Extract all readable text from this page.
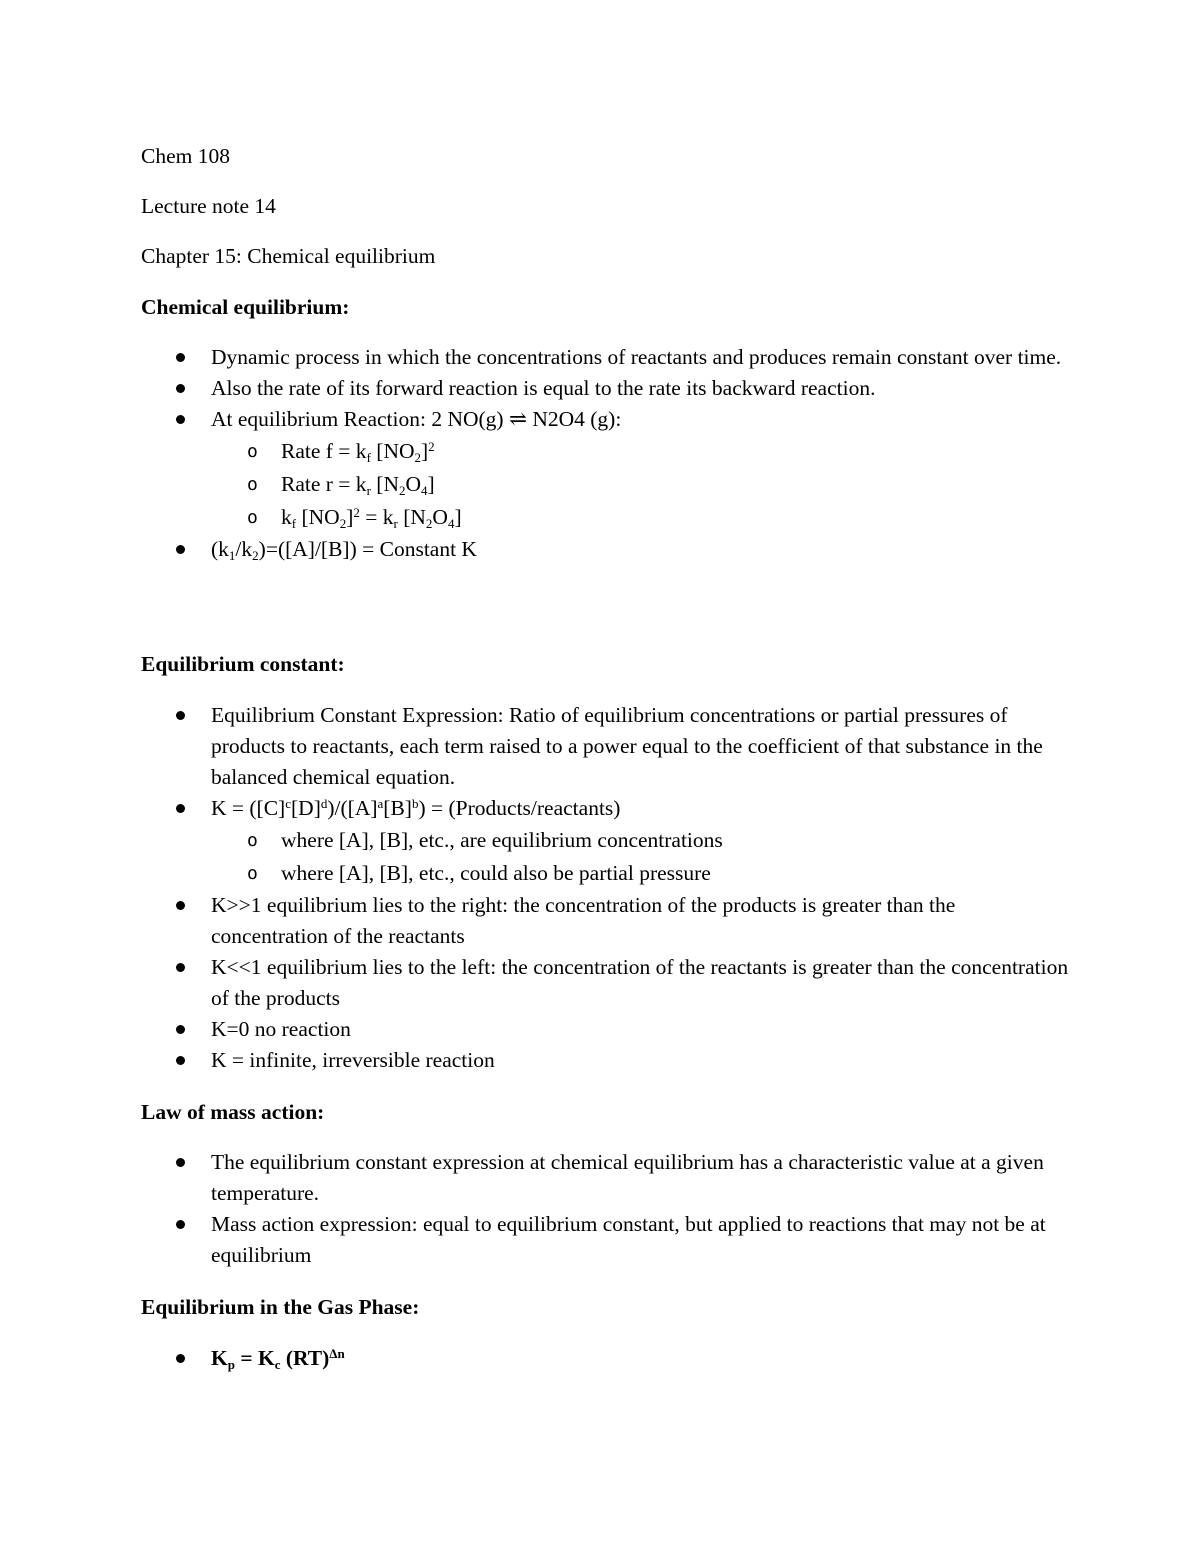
Chem 108

Lecture note 14

Chapter 15: Chemical equilibrium

Chemical equilibrium:

Dynamic process in which the concentrations of reactants and produces remain constant over time.
Also the rate of its forward reaction is equal to the rate its backward reaction.
At equilibrium Reaction: 2 NO(g) ⇌ N2O4 (g):
o Rate $f = k_f$ $[NO_2]^2$
o Rate $r = k_r$ $[N_2O_4]$
o $k_f$ $[NO_2]^2 = k_r$ $[N_2O_4]$
$(k_1/k_2)=([A]/[B])$ = Constant K

Equilibrium constant:

Equilibrium Constant Expression: Ratio of equilibrium concentrations or partial pressures of products to reactants, each term raised to a power equal to the coefficient of that substance in the balanced chemical equation.
$K = ([C]^c[D]^d)/([A]^a[B]^b)$ = (Products/reactants)
o where [A], [B], etc., are equilibrium concentrations
o where [A], [B], etc., could also be partial pressure
K>>1 equilibrium lies to the right: the concentration of the products is greater than the concentration of the reactants
K<<1 equilibrium lies to the left: the concentration of the reactants is greater than the concentration of the products
K=0 no reaction
K = infinite, irreversible reaction

Law of mass action:

The equilibrium constant expression at chemical equilibrium has a characteristic value at a given temperature.
Mass action expression: equal to equilibrium constant, but applied to reactions that may not be at equilibrium

Equilibrium in the Gas Phase:

$K_p = K_c$ (RT)$^{\Delta n}$
